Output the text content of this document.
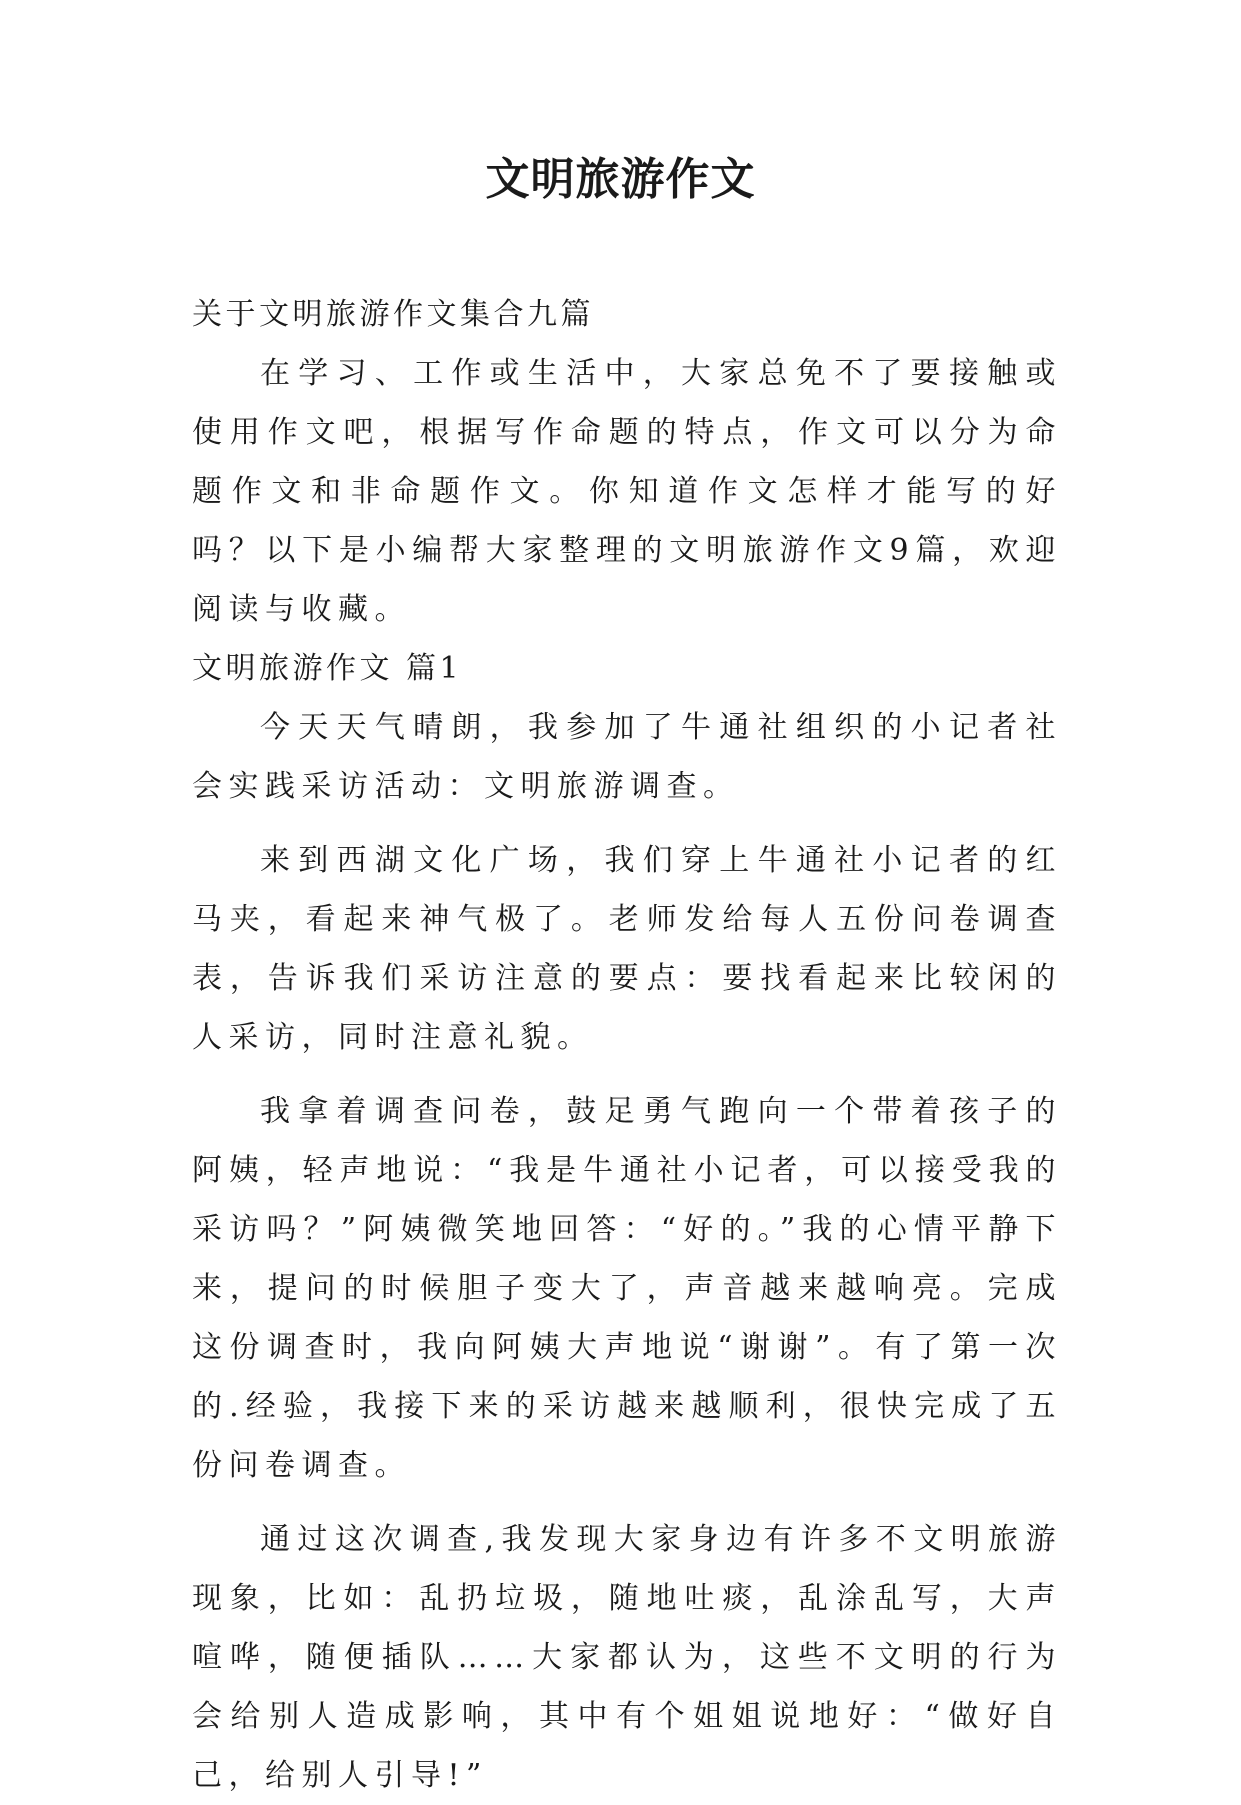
文明旅游作文

关于文明旅游作文集合九篇

在学习、工作或生活中，大家总免不了要接触或使用作文吧，根据写作命题的特点，作文可以分为命题作文和非命题作文。你知道作文怎样才能写的好吗？以下是小编帮大家整理的文明旅游作文9篇，欢迎阅读与收藏。

文明旅游作文 篇1

今天天气晴朗，我参加了牛通社组织的小记者社会实践采访活动：文明旅游调查。

来到西湖文化广场，我们穿上牛通社小记者的红马夹，看起来神气极了。老师发给每人五份问卷调查表，告诉我们采访注意的要点：要找看起来比较闲的人采访，同时注意礼貌。

我拿着调查问卷，鼓足勇气跑向一个带着孩子的阿姨，轻声地说：“我是牛通社小记者，可以接受我的采访吗？”阿姨微笑地回答：“好的。”我的心情平静下来，提问的时候胆子变大了，声音越来越响亮。完成这份调查时，我向阿姨大声地说“谢谢”。有了第一次的.经验，我接下来的采访越来越顺利，很快完成了五份问卷调查。

通过这次调查,我发现大家身边有许多不文明旅游现象，比如：乱扔垃圾，随地吐痰，乱涂乱写，大声喧哗，随便插队……大家都认为，这些不文明的行为会给别人造成影响，其中有个姐姐说地好：“做好自己，给别人引导!”
